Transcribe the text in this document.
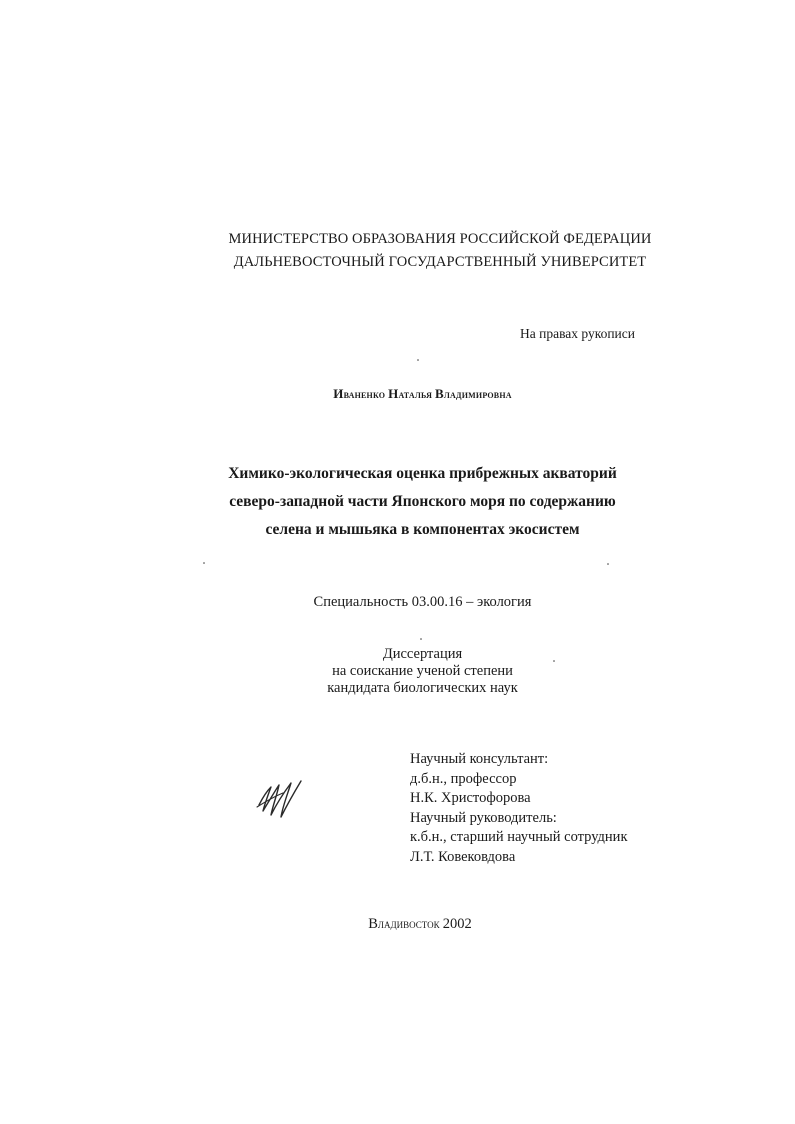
МИНИСТЕРСТВО ОБРАЗОВАНИЯ РОССИЙСКОЙ ФЕДЕРАЦИИ
ДАЛЬНЕВОСТОЧНЫЙ ГОСУДАРСТВЕННЫЙ УНИВЕРСИТЕТ
На правах рукописи
Иваненко Наталья Владимировна
Химико-экологическая оценка прибрежных акваторий
северо-западной части Японского моря по содержанию
селена и мышьяка в компонентах экосистем
Специальность 03.00.16 – экология
Диссертация
на соискание ученой степени
кандидата биологических наук
Научный консультант:
д.б.н., профессор
Н.К. Христофорова
Научный руководитель:
к.б.н., старший научный сотрудник
Л.Т. Ковековдова
Владивосток 2002
